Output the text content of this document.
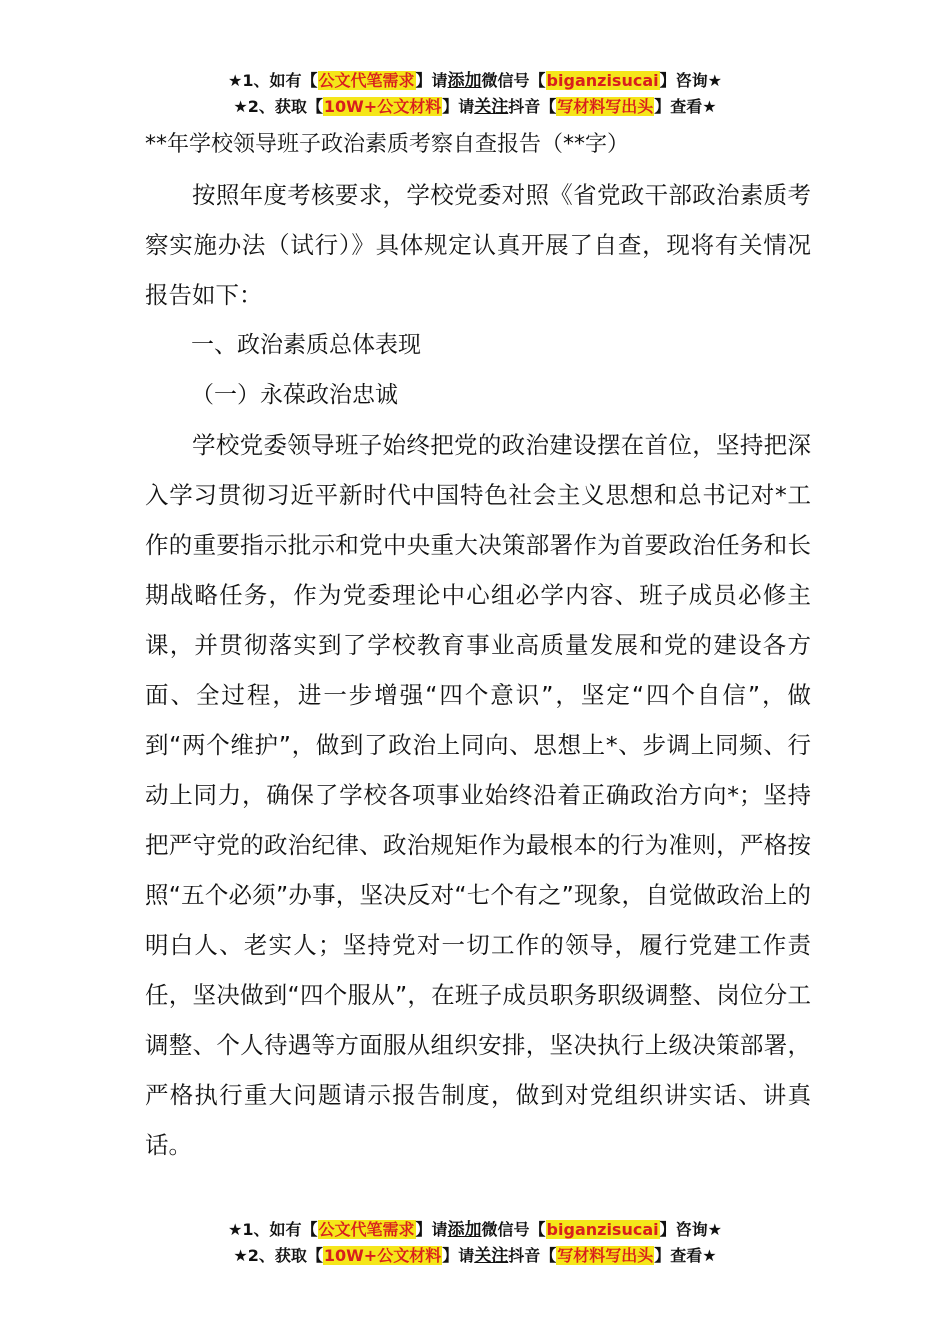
★1、如有【公文代笔需求】请添加微信号【biganzisucai】咨询★
★2、获取【10W+公文材料】请关注抖音【写材料写出头】查看★
**年学校领导班子政治素质考察自查报告（**字）

按照年度考核要求，学校党委对照《省党政干部政治素质考察实施办法（试行）》具体规定认真开展了自查，现将有关情况报告如下：

一、政治素质总体表现

（一）永葆政治忠诚

学校党委领导班子始终把党的政治建设摆在首位，坚持把深入学习贯彻习近平新时代中国特色社会主义思想和总书记对*工作的重要指示批示和党中央重大决策部署作为首要政治任务和长期战略任务，作为党委理论中心组必学内容、班子成员必修主课，并贯彻落实到了学校教育事业高质量发展和党的建设各方面、全过程，进一步增强“四个意识”，坚定“四个自信”，做到“两个维护”，做到了政治上同向、思想上*、步调上同频、行动上同力，确保了学校各项事业始终沿着正确政治方向*；坚持把严守党的政治纪律、政治规矩作为最根本的行为准则，严格按照“五个必须”办事，坚决反对“七个有之”现象，自觉做政治上的明白人、老实人；坚持党对一切工作的领导，履行党建工作责任，坚决做到“四个服从”，在班子成员职务职级调整、岗位分工调整、个人待遇等方面服从组织安排，坚决执行上级决策部署，严格执行重大问题请示报告制度，做到对党组织讲实话、讲真话。

★1、如有【公文代笔需求】请添加微信号【biganzisucai】咨询★
★2、获取【10W+公文材料】请关注抖音【写材料写出头】查看★
